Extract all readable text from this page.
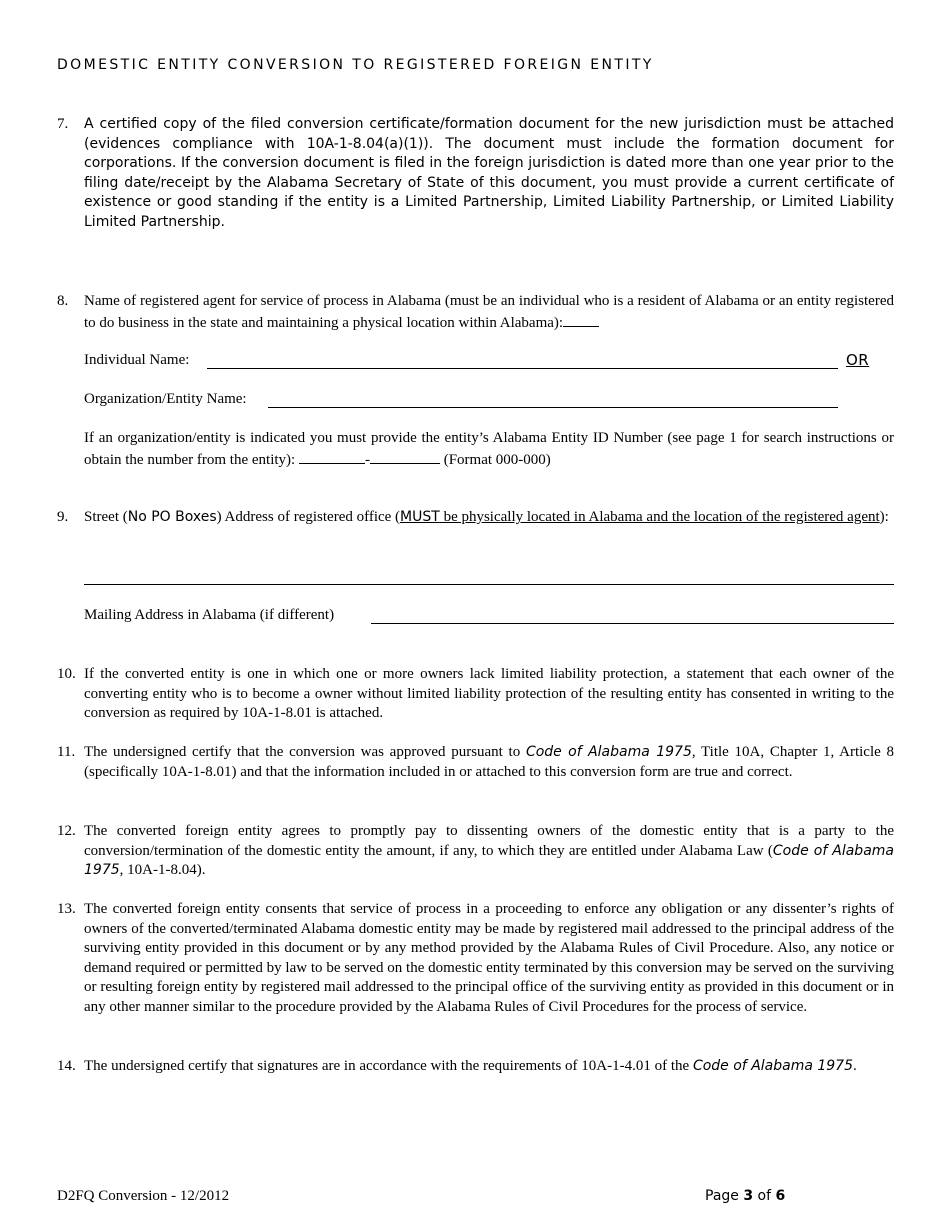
DOMESTIC ENTITY CONVERSION TO REGISTERED FOREIGN ENTITY
7. A certified copy of the filed conversion certificate/formation document for the new jurisdiction must be attached (evidences compliance with 10A-1-8.04(a)(1)). The document must include the formation document for corporations. If the conversion document is filed in the foreign jurisdiction is dated more than one year prior to the filing date/receipt by the Alabama Secretary of State of this document, you must provide a current certificate of existence or good standing if the entity is a Limited Partnership, Limited Liability Partnership, or Limited Liability Limited Partnership.
8. Name of registered agent for service of process in Alabama (must be an individual who is a resident of Alabama or an entity registered to do business in the state and maintaining a physical location within Alabama):
Individual Name:	OR
Organization/Entity Name:
If an organization/entity is indicated you must provide the entity’s Alabama Entity ID Number (see page 1 for search instructions or obtain the number from the entity):	-	(Format 000-000)
9. Street (No PO Boxes) Address of registered office (MUST be physically located in Alabama and the location of the registered agent):
Mailing Address in Alabama (if different)
10. If the converted entity is one in which one or more owners lack limited liability protection, a statement that each owner of the converting entity who is to become a owner without limited liability protection of the resulting entity has consented in writing to the conversion as required by 10A-1-8.01 is attached.
11. The undersigned certify that the conversion was approved pursuant to Code of Alabama 1975, Title 10A, Chapter 1, Article 8 (specifically 10A-1-8.01) and that the information included in or attached to this conversion form are true and correct.
12. The converted foreign entity agrees to promptly pay to dissenting owners of the domestic entity that is a party to the conversion/termination of the domestic entity the amount, if any, to which they are entitled under Alabama Law (Code of Alabama 1975, 10A-1-8.04).
13. The converted foreign entity consents that service of process in a proceeding to enforce any obligation or any dissenter’s rights of owners of the converted/terminated Alabama domestic entity may be made by registered mail addressed to the principal address of the surviving entity provided in this document or by any method provided by the Alabama Rules of Civil Procedure. Also, any notice or demand required or permitted by law to be served on the domestic entity terminated by this conversion may be served on the surviving or resulting foreign entity by registered mail addressed to the principal office of the surviving entity as provided in this document or in any other manner similar to the procedure provided by the Alabama Rules of Civil Procedures for the process of service.
14. The undersigned certify that signatures are in accordance with the requirements of 10A-1-4.01 of the Code of Alabama 1975.
D2FQ Conversion - 12/2012	Page 3 of 6
